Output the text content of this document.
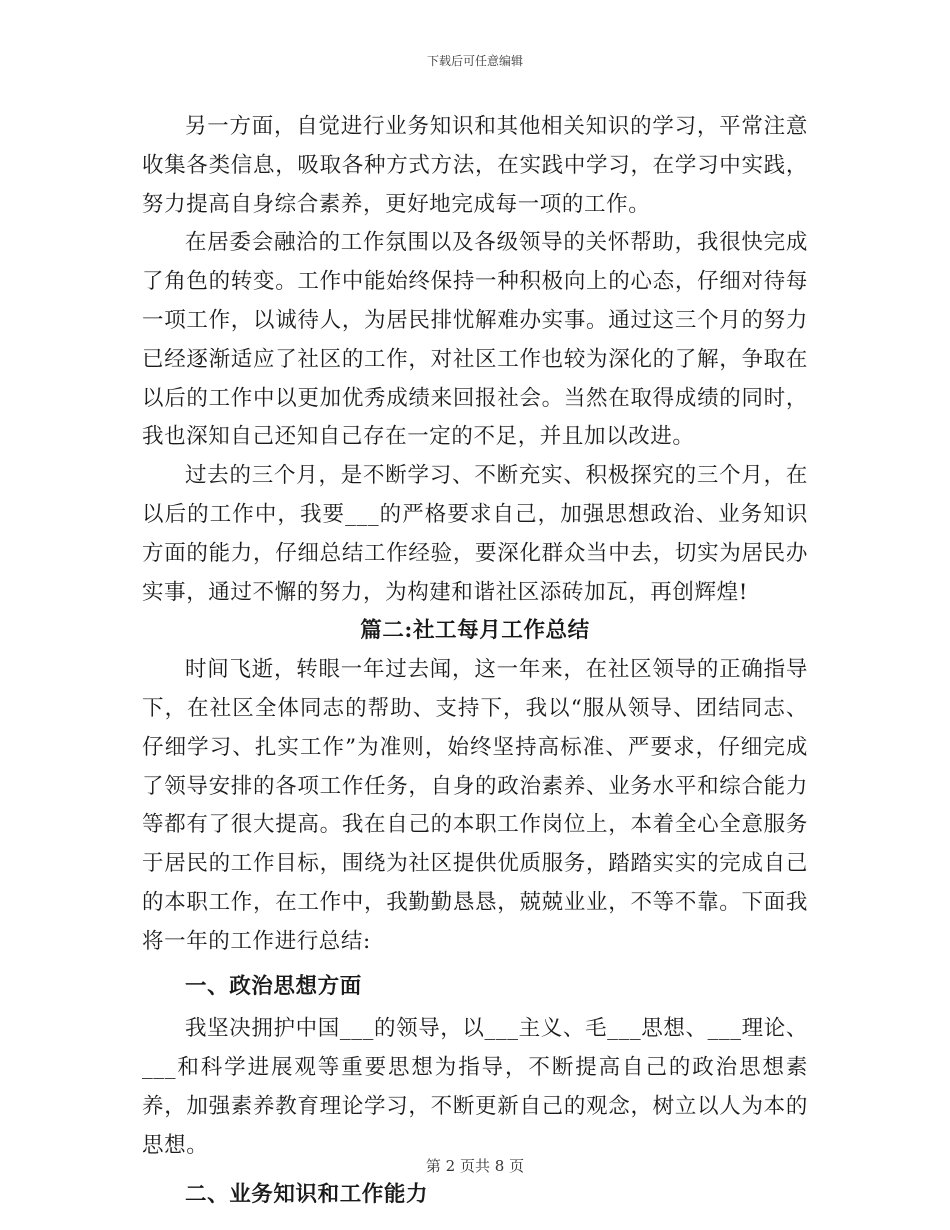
下载后可任意编辑

另一方面，自觉进行业务知识和其他相关知识的学习，平常注意收集各类信息，吸取各种方式方法，在实践中学习，在学习中实践，努力提高自身综合素养，更好地完成每一项的工作。

在居委会融洽的工作氛围以及各级领导的关怀帮助，我很快完成了角色的转变。工作中能始终保持一种积极向上的心态，仔细对待每一项工作，以诚待人，为居民排忧解难办实事。通过这三个月的努力已经逐渐适应了社区的工作，对社区工作也较为深化的了解，争取在以后的工作中以更加优秀成绩来回报社会。当然在取得成绩的同时，我也深知自己还知自己存在一定的不足，并且加以改进。

过去的三个月，是不断学习、不断充实、积极探究的三个月，在以后的工作中，我要___的严格要求自己，加强思想政治、业务知识方面的能力，仔细总结工作经验，要深化群众当中去，切实为居民办实事，通过不懈的努力，为构建和谐社区添砖加瓦，再创辉煌!

篇二:社工每月工作总结

时间飞逝，转眼一年过去闻，这一年来，在社区领导的正确指导下，在社区全体同志的帮助、支持下，我以“服从领导、团结同志、仔细学习、扎实工作”为准则，始终坚持高标准、严要求，仔细完成了领导安排的各项工作任务，自身的政治素养、业务水平和综合能力等都有了很大提高。我在自己的本职工作岗位上，本着全心全意服务于居民的工作目标，围绕为社区提供优质服务，踏踏实实的完成自己的本职工作，在工作中，我勤勤恳恳，兢兢业业，不等不靠。下面我将一年的工作进行总结:

一、政治思想方面

我坚决拥护中国___的领导，以___主义、毛___思想、___理论、___和科学进展观等重要思想为指导，不断提高自己的政治思想素养，加强素养教育理论学习，不断更新自己的观念，树立以人为本的思想。

二、业务知识和工作能力
第 2 页共 8 页
